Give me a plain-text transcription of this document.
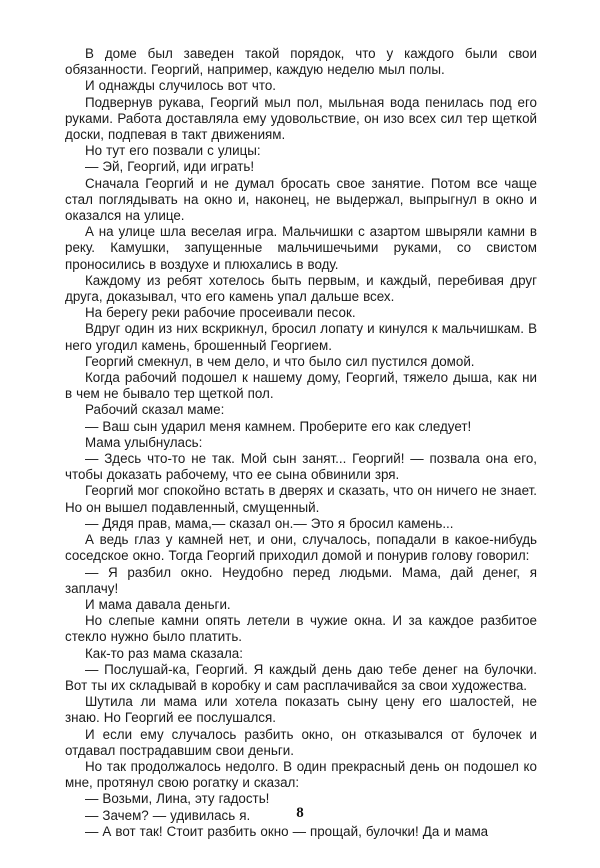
В доме был заведен такой порядок, что у каждого были свои обязанности. Георгий, например, каждую неделю мыл полы.

И однажды случилось вот что.

Подвернув рукава, Георгий мыл пол, мыльная вода пенилась под его руками. Работа доставляла ему удовольствие, он изо всех сил тер щеткой доски, подпевая в такт движениям.

Но тут его позвали с улицы:

— Эй, Георгий, иди играть!

Сначала Георгий и не думал бросать свое занятие. Потом все чаще стал поглядывать на окно и, наконец, не выдержал, выпрыгнул в окно и оказался на улице.

А на улице шла веселая игра. Мальчишки с азартом швыряли камни в реку. Камушки, запущенные мальчишечьими руками, со свистом проносились в воздухе и плюхались в воду.

Каждому из ребят хотелось быть первым, и каждый, перебивая друг друга, доказывал, что его камень упал дальше всех.

На берегу реки рабочие просеивали песок.

Вдруг один из них вскрикнул, бросил лопату и кинулся к мальчишкам. В него угодил камень, брошенный Георгием.

Георгий смекнул, в чем дело, и что было сил пустился домой.

Когда рабочий подошел к нашему дому, Георгий, тяжело дыша, как ни в чем не бывало тер щеткой пол.

Рабочий сказал маме:

— Ваш сын ударил меня камнем. Проберите его как следует!

Мама улыбнулась:

— Здесь что-то не так. Мой сын занят... Георгий! — позвала она его, чтобы доказать рабочему, что ее сына обвинили зря.

Георгий мог спокойно встать в дверях и сказать, что он ничего не знает. Но он вышел подавленный, смущенный.

— Дядя прав, мама,— сказал он.— Это я бросил камень...

А ведь глаз у камней нет, и они, случалось, попадали в какое-нибудь соседское окно. Тогда Георгий приходил домой и понурив голову говорил:

— Я разбил окно. Неудобно перед людьми. Мама, дай денег, я заплачу!

И мама давала деньги.

Но слепые камни опять летели в чужие окна. И за каждое разбитое стекло нужно было платить.

Как-то раз мама сказала:

— Послушай-ка, Георгий. Я каждый день даю тебе денег на булочки. Вот ты их складывай в коробку и сам расплачивайся за свои художества.

Шутила ли мама или хотела показать сыну цену его шалостей, не знаю. Но Георгий ее послушался.

И если ему случалось разбить окно, он отказывался от булочек и отдавал пострадавшим свои деньги.

Но так продолжалось недолго. В один прекрасный день он подошел ко мне, протянул свою рогатку и сказал:

— Возьми, Лина, эту гадость!

— Зачем? — удивилась я.

— А вот так! Стоит разбить окно — прощай, булочки! Да и мама

8
